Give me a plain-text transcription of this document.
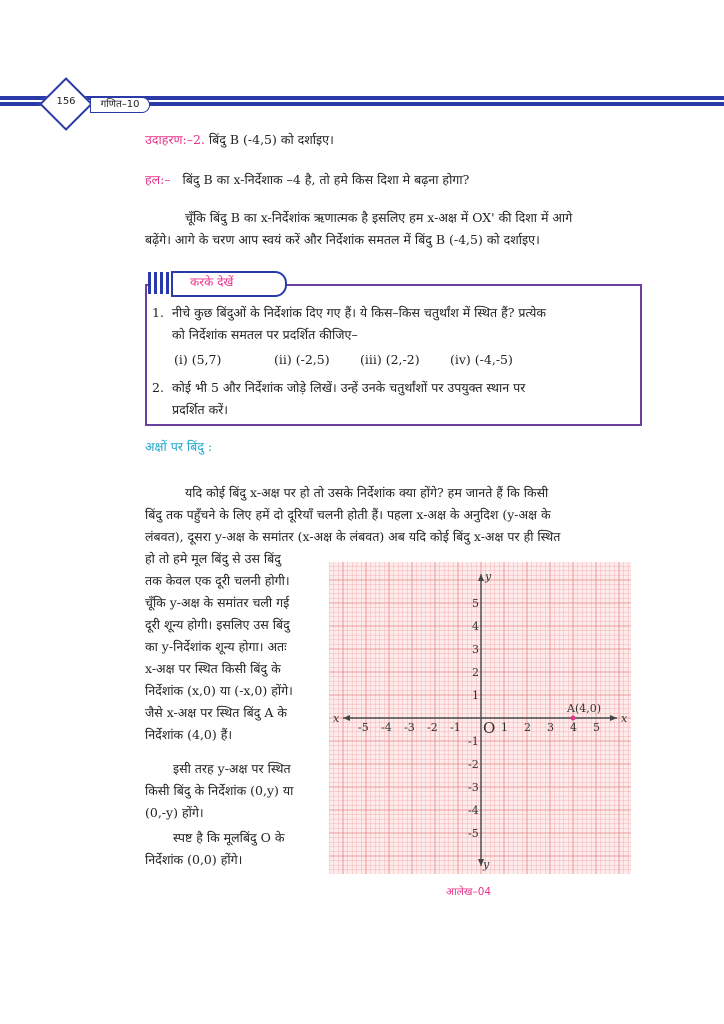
156	गणित–10
उदाहरण:–2. बिंदु B (-4,5) को दर्शाइए।
हल:– बिंदु B का x-निर्देशाक –4 है, तो हमे किस दिशा मे बढ़ना होगा?
चूँकि बिंदु B का x-निर्देशांक ऋणात्मक है इसलिए हम x-अक्ष में OX' की दिशा में आगे
बढ़ेंगे। आगे के चरण आप स्वयं करें और निर्देशांक समतल में बिंदु B (-4,5) को दर्शाइए।
करके देखें
1. नीचे कुछ बिंदुओं के निर्देशांक दिए गए हैं। ये किस–किस चतुर्थांश में स्थित हैं? प्रत्येक
को निर्देशांक समतल पर प्रदर्शित कीजिए–
(i) (5,7)	(ii) (-2,5) (iii) (2,-2) (iv) (-4,-5)
2. कोई भी 5 और निर्देशांक जोड़े लिखें। उन्हें उनके चतुर्थांशों पर उपयुक्त स्थान पर
प्रदर्शित करें।
अक्षों पर बिंदु :
यदि कोई बिंदु x-अक्ष पर हो तो उसके निर्देशांक क्या होंगे? हम जानते हैं कि किसी
बिंदु तक पहुँचने के लिए हमें दो दूरियाँ चलनी होती हैं। पहला x-अक्ष के अनुदिश (y-अक्ष के
लंबवत), दूसरा y-अक्ष के समांतर (x-अक्ष के लंबवत) अब यदि कोई बिंदु x-अक्ष पर ही स्थित
हो तो हमे मूल बिंदु से उस बिंदु
तक केवल एक दूरी चलनी होगी।
चूँकि y-अक्ष के समांतर चली गई
दूरी शून्य होगी। इसलिए उस बिंदु
का y-निर्देशांक शून्य होगा। अतः
x-अक्ष पर स्थित किसी बिंदु के
निर्देशांक (x,0) या (-x,0) होंगे।
जैसे x-अक्ष पर स्थित बिंदु A के
निर्देशांक (4,0) हैं।
इसी तरह y-अक्ष पर स्थित
किसी बिंदु के निर्देशांक (0,y) या
(0,-y) होंगे।
स्पष्ट है कि मूलबिंदु O के
निर्देशांक (0,0) होंगे।
x
x
y
y
O
-5 -4 -3 -2 -1	1 2 3 4 5
5
4
3
2
1
-1
-2
-3
-4
-5
A(4,0)
आलेख–04
